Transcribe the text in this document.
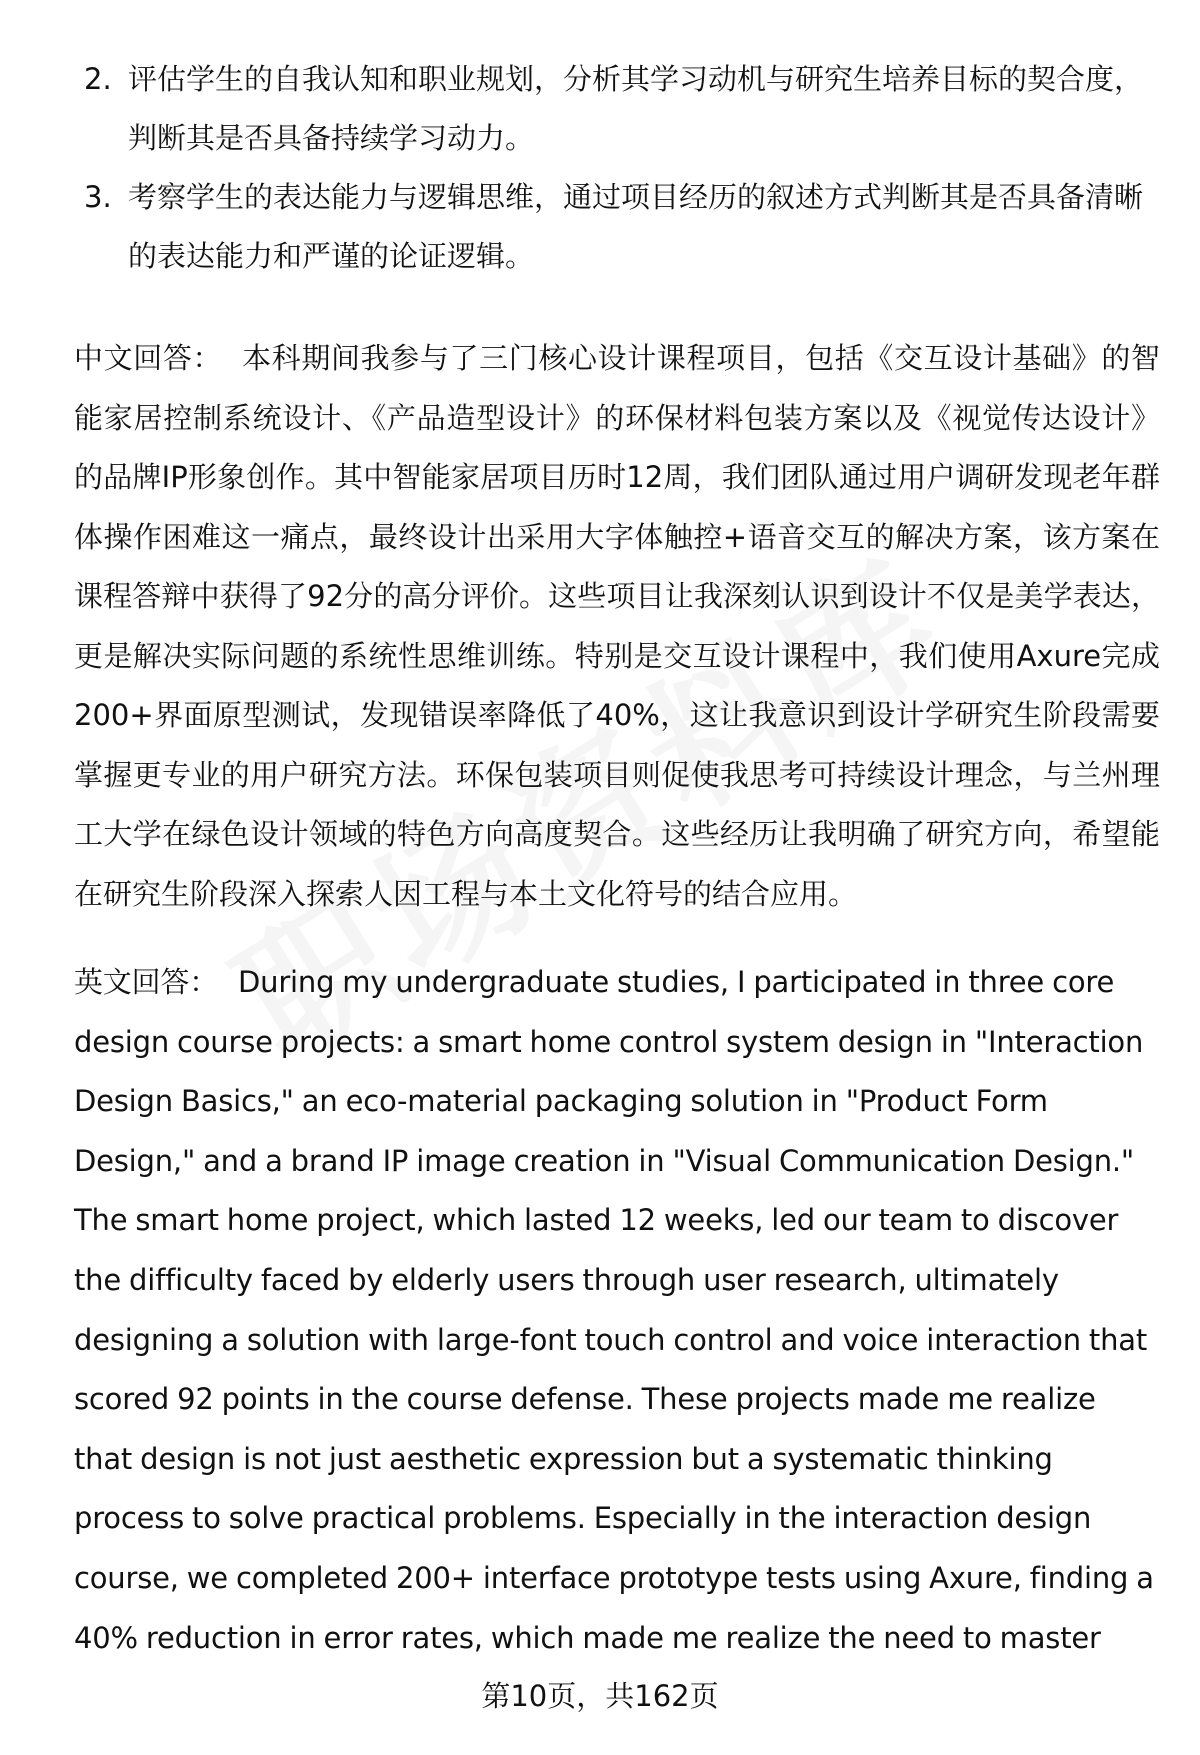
2. 评估学生的自我认知和职业规划，分析其学习动机与研究生培养目标的契合度，判断其是否具备持续学习动力。
3. 考察学生的表达能力与逻辑思维，通过项目经历的叙述方式判断其是否具备清晰的表达能力和严谨的论证逻辑。

中文回答： 本科期间我参与了三门核心设计课程项目，包括《交互设计基础》的智能家居控制系统设计、《产品造型设计》的环保材料包装方案以及《视觉传达设计》的品牌IP形象创作。其中智能家居项目历时12周，我们团队通过用户调研发现老年群体操作困难这一痛点，最终设计出采用大字体触控+语音交互的解决方案，该方案在课程答辩中获得了92分的高分评价。这些项目让我深刻认识到设计不仅是美学表达，更是解决实际问题的系统性思维训练。特别是交互设计课程中，我们使用Axure完成200+界面原型测试，发现错误率降低了40%，这让我意识到设计学研究生阶段需要掌握更专业的用户研究方法。环保包装项目则促使我思考可持续设计理念，与兰州理工大学在绿色设计领域的特色方向高度契合。这些经历让我明确了研究方向，希望能在研究生阶段深入探索人因工程与本土文化符号的结合应用。

英文回答： During my undergraduate studies, I participated in three core design course projects: a smart home control system design in "Interaction Design Basics," an eco-material packaging solution in "Product Form Design," and a brand IP image creation in "Visual Communication Design." The smart home project, which lasted 12 weeks, led our team to discover the difficulty faced by elderly users through user research, ultimately designing a solution with large-font touch control and voice interaction that scored 92 points in the course defense. These projects made me realize that design is not just aesthetic expression but a systematic thinking process to solve practical problems. Especially in the interaction design course, we completed 200+ interface prototype tests using Axure, finding a 40% reduction in error rates, which made me realize the need to master

第10页，共162页
